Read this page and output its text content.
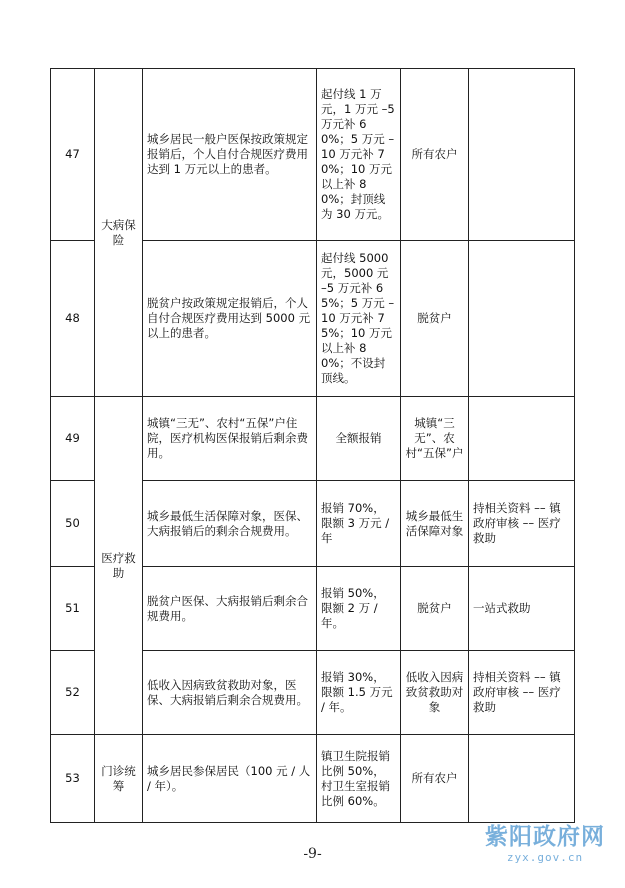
47	大病保险	城乡居民一般户医保按政策规定报销后，个人自付合规医疗费用达到 1 万元以上的患者。	起付线 1 万元，1 万元 –5 万元补 60%；5 万元 –10 万元补 70%；10 万元以上补 80%；封顶线为 30 万元。	所有农户	
48		脱贫户按政策规定报销后，个人自付合规医疗费用达到 5000 元以上的患者。	起付线 5000 元，5000 元 –5 万元补 65%；5 万元 –10 万元补 75%；10 万元以上补 80%；不设封顶线。	脱贫户	
49	医疗救助	城镇“三无”、农村“五保”户住院，医疗机构医保报销后剩余费用。	全额报销	城镇“三无”、农村“五保”户	
50		城乡最低生活保障对象，医保、大病报销后的剩余合规费用。	报销 70%，限额 3 万元 / 年	城乡最低生活保障对象	持相关资料 –– 镇政府审核 –– 医疗救助
51		脱贫户医保、大病报销后剩余合规费用。	报销 50%，限额 2 万 / 年。	脱贫户	一站式救助
52		低收入因病致贫救助对象，医保、大病报销后剩余合规费用。	报销 30%，限额 1.5 万元 / 年。	低收入因病致贫救助对象	持相关资料 –– 镇政府审核 –– 医疗救助
53	门诊统筹	城乡居民参保居民（100 元 / 人 / 年）。	镇卫生院报销比例 50%，村卫生室报销比例 60%。	所有农户	
-9-
紫阳政府网
zyx.gov.cn
